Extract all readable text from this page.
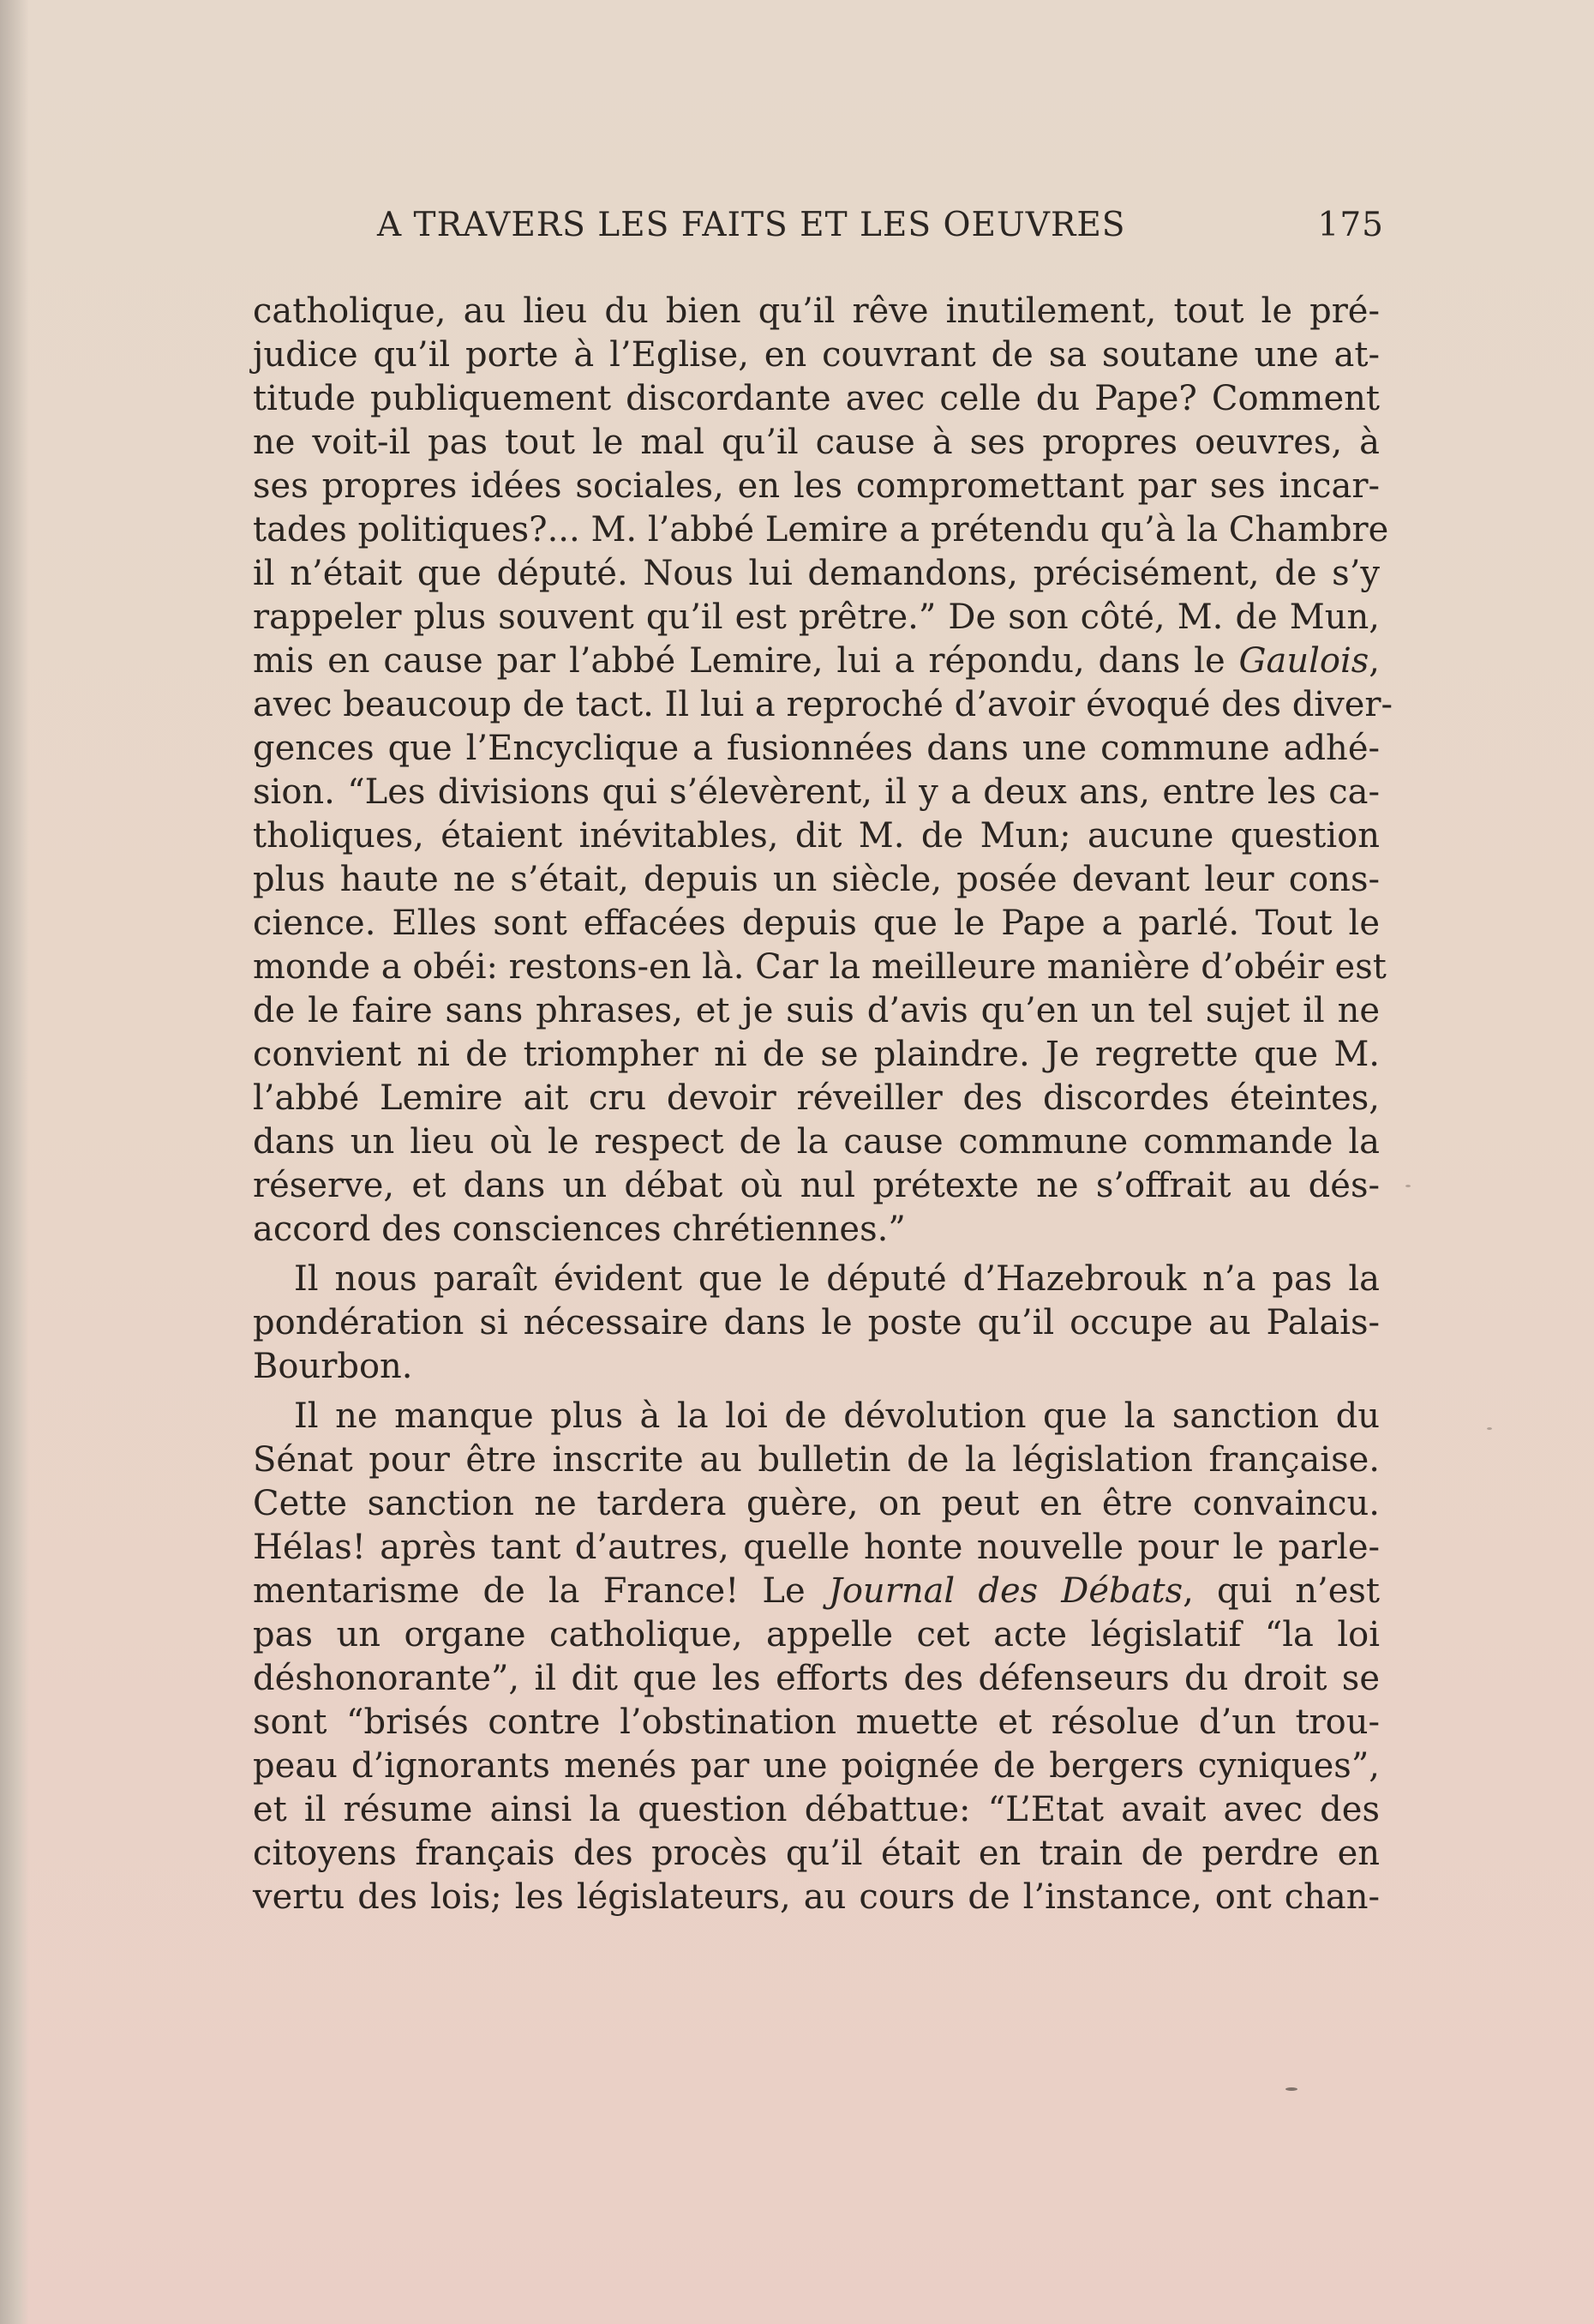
A TRAVERS LES FAITS ET LES OEUVRES	175
catholique, au lieu du bien qu’il rêve inutilement, tout le pré-
judice qu’il porte à l’Eglise, en couvrant de sa soutane une at-
titude publiquement discordante avec celle du Pape? Comment
ne voit-il pas tout le mal qu’il cause à ses propres oeuvres, à
ses propres idées sociales, en les compromettant par ses incar-
tades politiques?... M. l’abbé Lemire a prétendu qu’à la Chambre
il n’était que député. Nous lui demandons, précisément, de s’y
rappeler plus souvent qu’il est prêtre.” De son côté, M. de Mun,
mis en cause par l’abbé Lemire, lui a répondu, dans le Gaulois,
avec beaucoup de tact. Il lui a reproché d’avoir évoqué des diver-
gences que l’Encyclique a fusionnées dans une commune adhé-
sion. “Les divisions qui s’élevèrent, il y a deux ans, entre les ca-
tholiques, étaient inévitables, dit M. de Mun; aucune question
plus haute ne s’était, depuis un siècle, posée devant leur cons-
cience. Elles sont effacées depuis que le Pape a parlé. Tout le
monde a obéi: restons-en là. Car la meilleure manière d’obéir est
de le faire sans phrases, et je suis d’avis qu’en un tel sujet il ne
convient ni de triompher ni de se plaindre. Je regrette que M.
l’abbé Lemire ait cru devoir réveiller des discordes éteintes,
dans un lieu où le respect de la cause commune commande la
réserve, et dans un débat où nul prétexte ne s’offrait au dés-
accord des consciences chrétiennes.”
Il nous paraît évident que le député d’Hazebrouk n’a pas la
pondération si nécessaire dans le poste qu’il occupe au Palais-
Bourbon.
Il ne manque plus à la loi de dévolution que la sanction du
Sénat pour être inscrite au bulletin de la législation française.
Cette sanction ne tardera guère, on peut en être convaincu.
Hélas! après tant d’autres, quelle honte nouvelle pour le parle-
mentarisme de la France! Le Journal des Débats, qui n’est
pas un organe catholique, appelle cet acte législatif “la loi
déshonorante”, il dit que les efforts des défenseurs du droit se
sont “brisés contre l’obstination muette et résolue d’un trou-
peau d’ignorants menés par une poignée de bergers cyniques”,
et il résume ainsi la question débattue: “L’Etat avait avec des
citoyens français des procès qu’il était en train de perdre en
vertu des lois; les législateurs, au cours de l’instance, ont chan-
